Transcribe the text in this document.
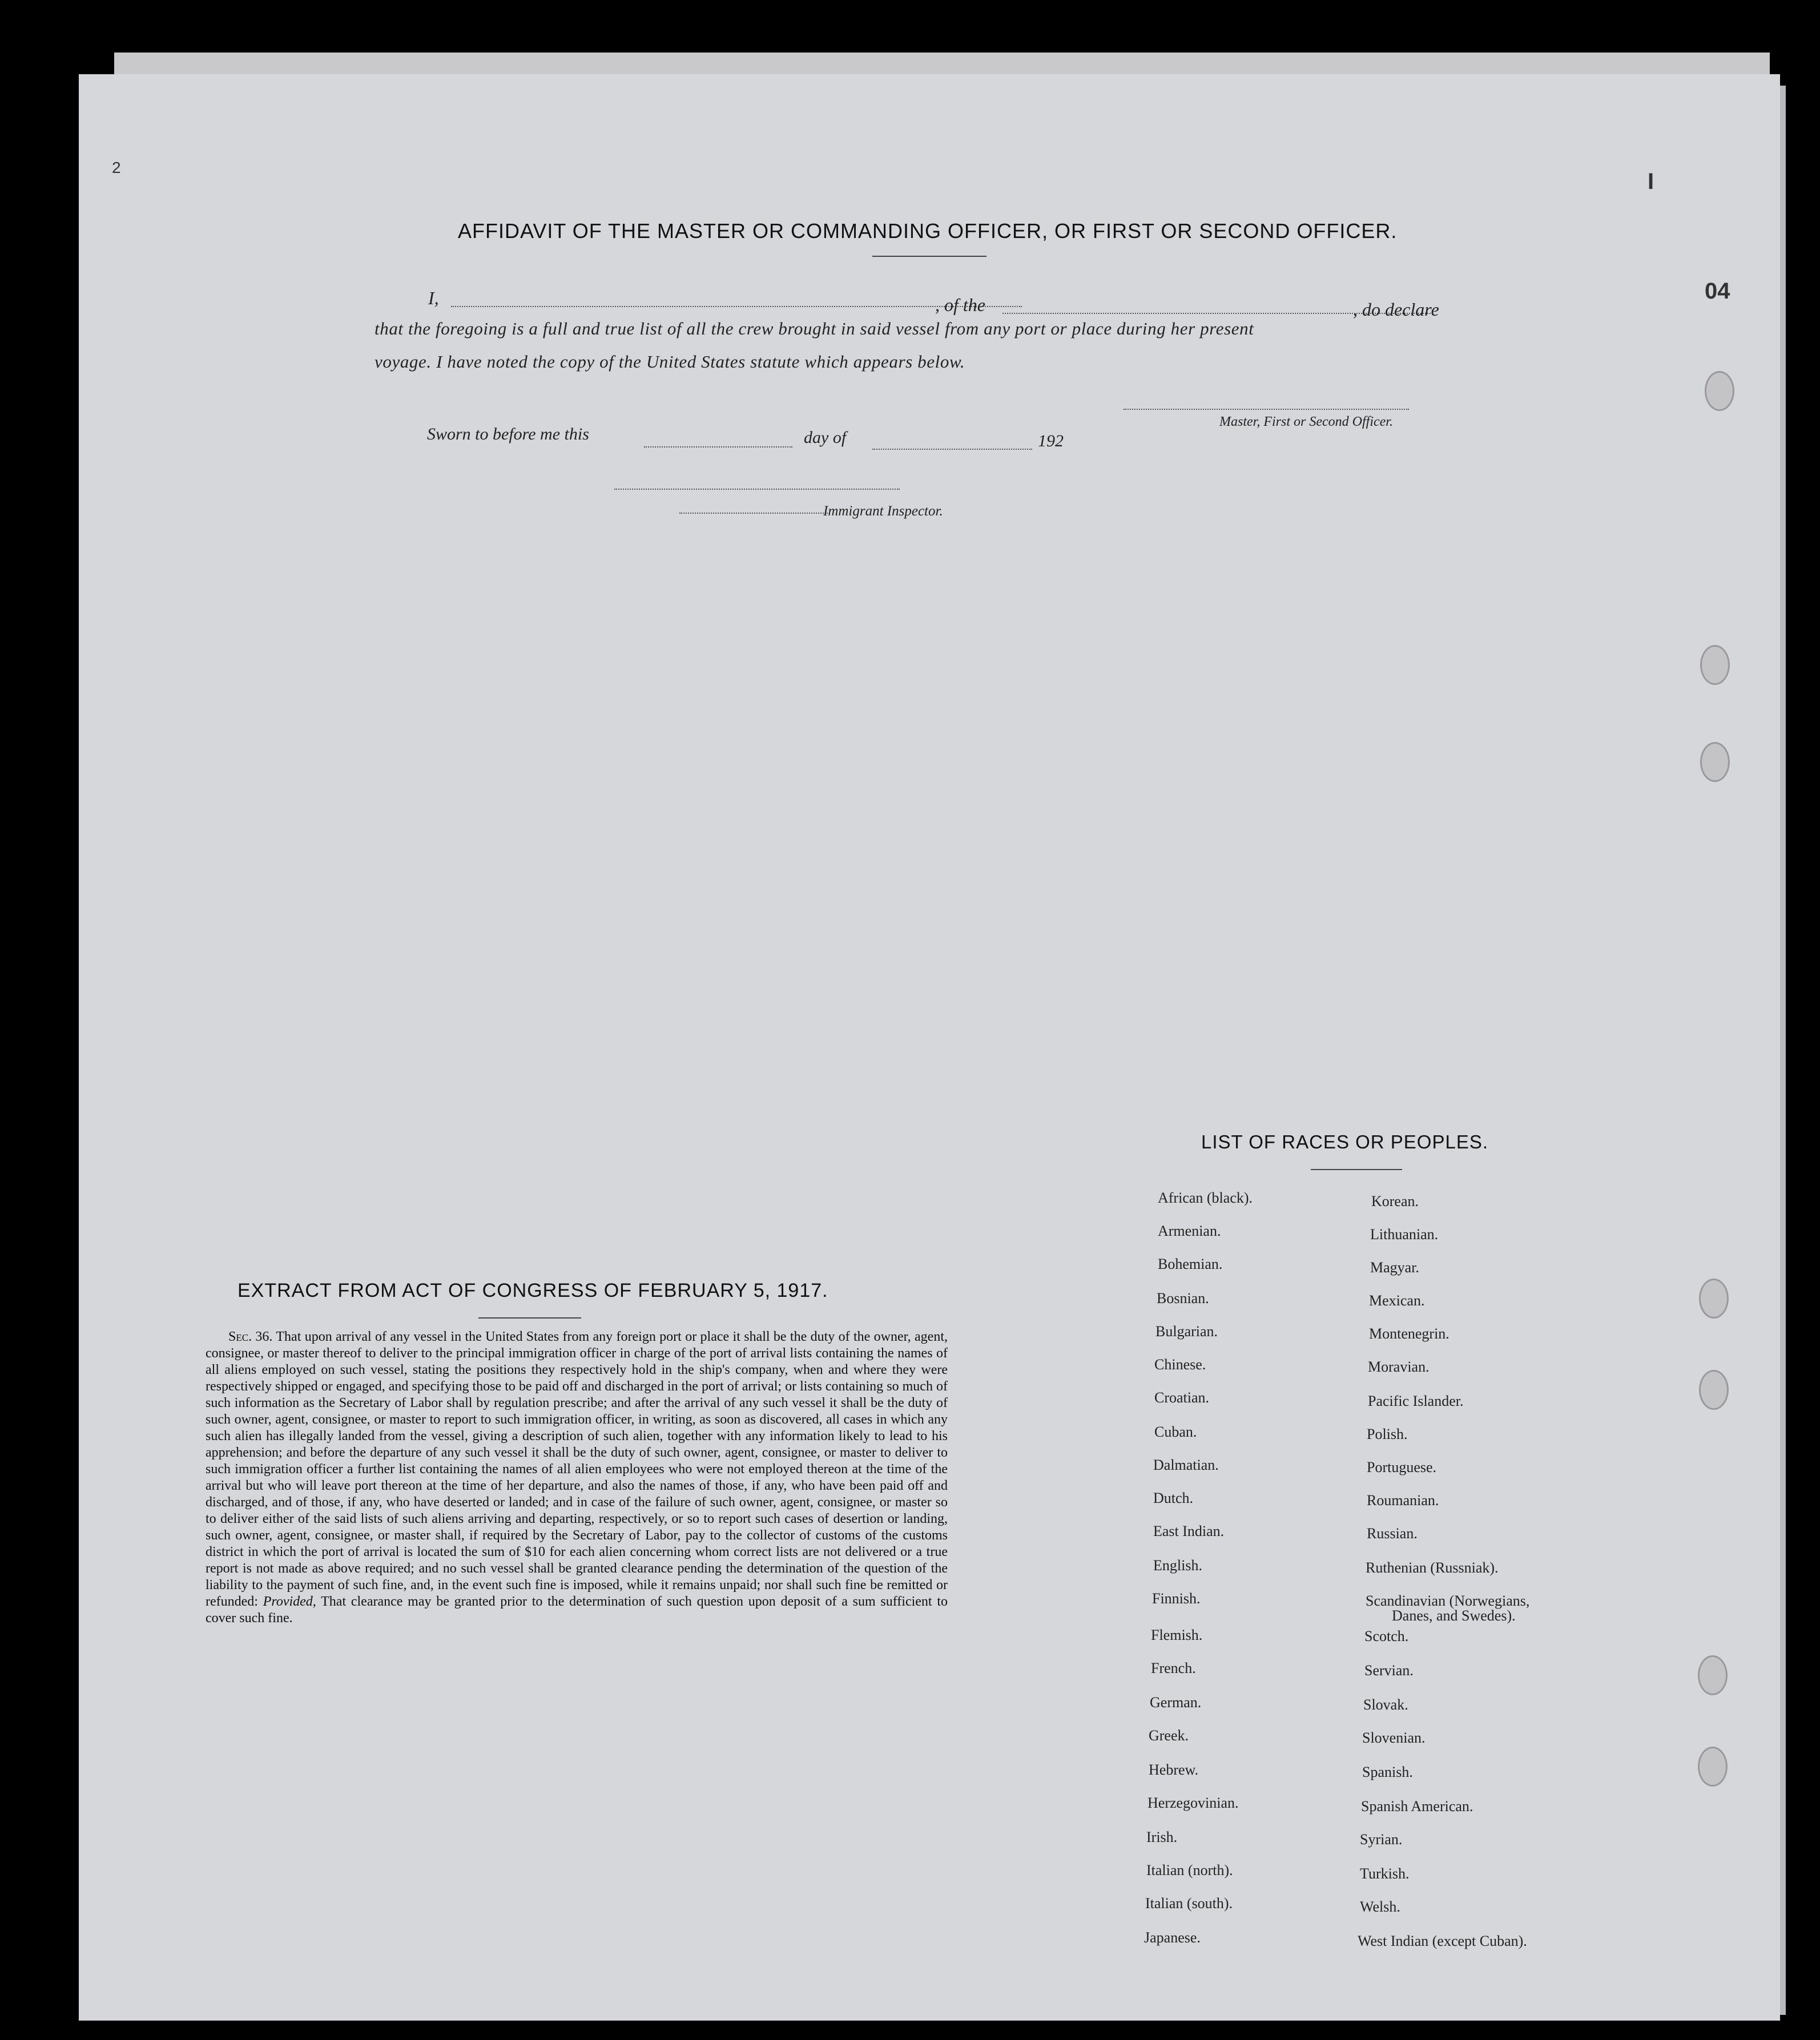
2
04
I
AFFIDAVIT OF THE MASTER OR COMMANDING OFFICER, OR FIRST OR SECOND OFFICER.
I,	, of the	, do declare
that the foregoing is a full and true list of all the crew brought in said vessel from any port or place during her present
voyage. I have noted the copy of the United States statute which appears below.
Master, First or Second Officer.
Sworn to before me this	day of	192
Immigrant Inspector.
EXTRACT FROM ACT OF CONGRESS OF FEBRUARY 5, 1917.
Sec. 36. That upon arrival of any vessel in the United States from any foreign port or place it shall be the duty of the owner, agent, consignee, or master thereof to deliver to the principal immigration officer in charge of the port of arrival lists containing the names of all aliens employed on such vessel, stating the positions they respectively hold in the ship's company, when and where they were respectively shipped or engaged, and specifying those to be paid off and discharged in the port of arrival; or lists containing so much of such information as the Secretary of Labor shall by regulation prescribe; and after the arrival of any such vessel it shall be the duty of such owner, agent, consignee, or master to report to such immigration officer, in writing, as soon as discovered, all cases in which any such alien has illegally landed from the vessel, giving a description of such alien, together with any information likely to lead to his apprehension; and before the departure of any such vessel it shall be the duty of such owner, agent, consignee, or master to deliver to such immigration officer a further list containing the names of all alien employees who were not employed thereon at the time of the arrival but who will leave port thereon at the time of her departure, and also the names of those, if any, who have been paid off and discharged, and of those, if any, who have deserted or landed; and in case of the failure of such owner, agent, consignee, or master so to deliver either of the said lists of such aliens arriving and departing, respectively, or so to report such cases of desertion or landing, such owner, agent, consignee, or master shall, if required by the Secretary of Labor, pay to the collector of customs of the customs district in which the port of arrival is located the sum of $10 for each alien concerning whom correct lists are not delivered or a true report is not made as above required; and no such vessel shall be granted clearance pending the determination of the question of the liability to the payment of such fine, and, in the event such fine is imposed, while it remains unpaid; nor shall such fine be remitted or refunded: Provided, That clearance may be granted prior to the determination of such question upon deposit of a sum sufficient to cover such fine.
LIST OF RACES OR PEOPLES.
African (black).
Armenian.
Bohemian.
Bosnian.
Bulgarian.
Chinese.
Croatian.
Cuban.
Dalmatian.
Dutch.
East Indian.
English.
Finnish.
Flemish.
French.
German.
Greek.
Hebrew.
Herzegovinian.
Irish.
Italian (north).
Italian (south).
Japanese.
Korean.
Lithuanian.
Magyar.
Mexican.
Montenegrin.
Moravian.
Pacific Islander.
Polish.
Portuguese.
Roumanian.
Russian.
Ruthenian (Russniak).
Scandinavian (Norwegians,
Danes, and Swedes).
Scotch.
Servian.
Slovak.
Slovenian.
Spanish.
Spanish American.
Syrian.
Turkish.
Welsh.
West Indian (except Cuban).
